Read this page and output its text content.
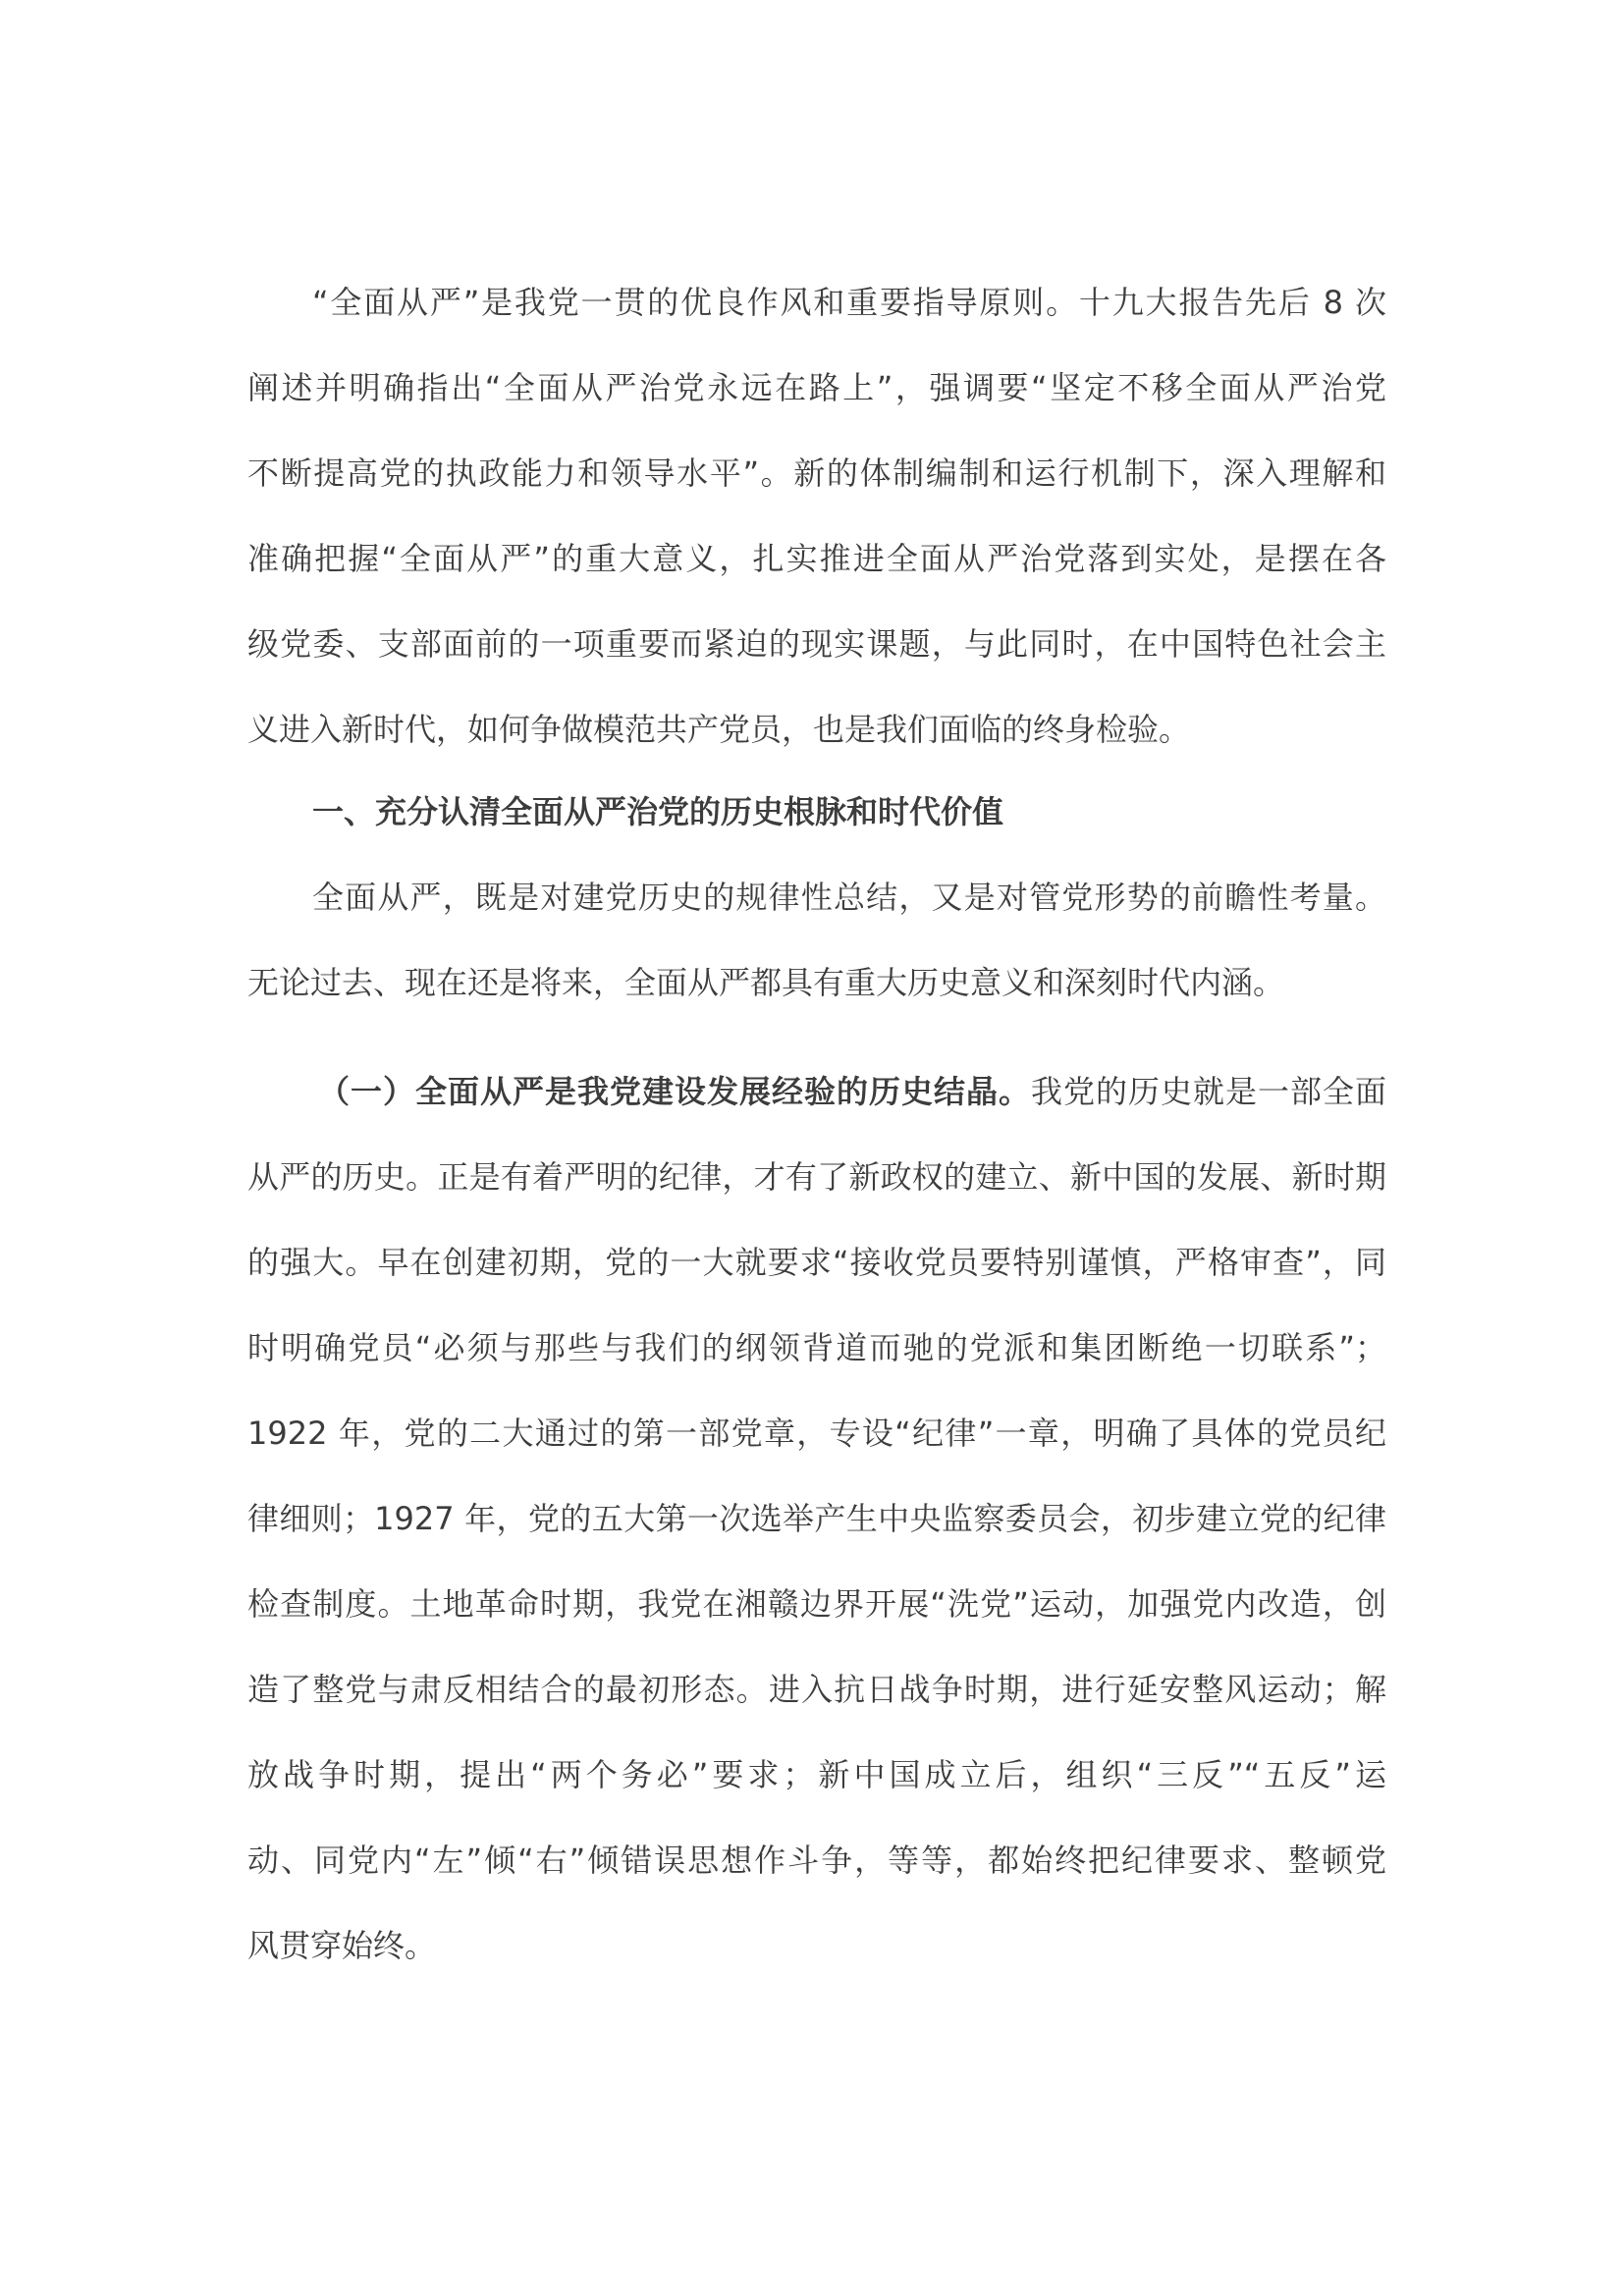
“全面从严”是我党一贯的优良作风和重要指导原则。十九大报告先后 8 次
阐述并明确指出“全面从严治党永远在路上”，强调要“坚定不移全面从严治党
不断提高党的执政能力和领导水平”。新的体制编制和运行机制下，深入理解和
准确把握“全面从严”的重大意义，扎实推进全面从严治党落到实处，是摆在各
级党委、支部面前的一项重要而紧迫的现实课题，与此同时，在中国特色社会主
义进入新时代，如何争做模范共产党员，也是我们面临的终身检验。
一、充分认清全面从严治党的历史根脉和时代价值
全面从严，既是对建党历史的规律性总结，又是对管党形势的前瞻性考量。
无论过去、现在还是将来，全面从严都具有重大历史意义和深刻时代内涵。
（一）全面从严是我党建设发展经验的历史结晶。我党的历史就是一部全面
从严的历史。正是有着严明的纪律，才有了新政权的建立、新中国的发展、新时期
的强大。早在创建初期，党的一大就要求“接收党员要特别谨慎，严格审查”，同
时明确党员“必须与那些与我们的纲领背道而驰的党派和集团断绝一切联系”；
1922 年，党的二大通过的第一部党章，专设“纪律”一章，明确了具体的党员纪
律细则；1927 年，党的五大第一次选举产生中央监察委员会，初步建立党的纪律
检查制度。土地革命时期，我党在湘赣边界开展“洗党”运动，加强党内改造，创
造了整党与肃反相结合的最初形态。进入抗日战争时期，进行延安整风运动；解
放战争时期，提出“两个务必”要求；新中国成立后，组织“三反”“五反”运
动、同党内“左”倾“右”倾错误思想作斗争，等等，都始终把纪律要求、整顿党
风贯穿始终。
